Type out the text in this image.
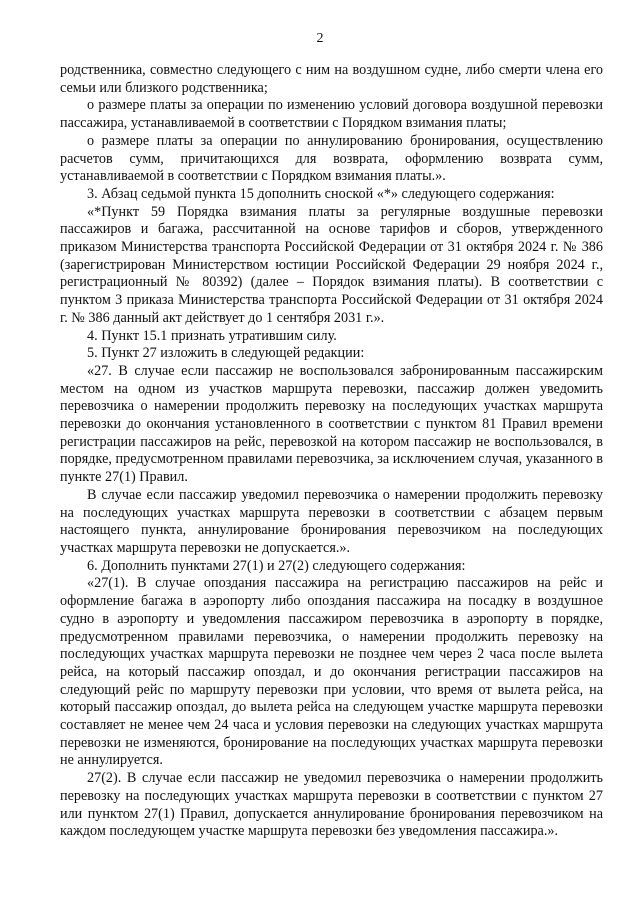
2

родственника, совместно следующего с ним на воздушном судне, либо смерти члена его семьи или близкого родственника;

о размере платы за операции по изменению условий договора воздушной перевозки пассажира, устанавливаемой в соответствии с Порядком взимания платы;

о размере платы за операции по аннулированию бронирования, осуществлению расчетов сумм, причитающихся для возврата, оформлению возврата сумм, устанавливаемой в соответствии с Порядком взимания платы.».

3. Абзац седьмой пункта 15 дополнить сноской «*» следующего содержания:

«*Пункт 59 Порядка взимания платы за регулярные воздушные перевозки пассажиров и багажа, рассчитанной на основе тарифов и сборов, утвержденного приказом Министерства транспорта Российской Федерации от 31 октября 2024 г. № 386 (зарегистрирован Министерством юстиции Российской Федерации 29 ноября 2024 г., регистрационный № 80392) (далее – Порядок взимания платы). В соответствии с пунктом 3 приказа Министерства транспорта Российской Федерации от 31 октября 2024 г. № 386 данный акт действует до 1 сентября 2031 г.».

4. Пункт 15.1 признать утратившим силу.

5. Пункт 27 изложить в следующей редакции:

«27. В случае если пассажир не воспользовался забронированным пассажирским местом на одном из участков маршрута перевозки, пассажир должен уведомить перевозчика о намерении продолжить перевозку на последующих участках маршрута перевозки до окончания установленного в соответствии с пунктом 81 Правил времени регистрации пассажиров на рейс, перевозкой на котором пассажир не воспользовался, в порядке, предусмотренном правилами перевозчика, за исключением случая, указанного в пункте 27(1) Правил.

В случае если пассажир уведомил перевозчика о намерении продолжить перевозку на последующих участках маршрута перевозки в соответствии с абзацем первым настоящего пункта, аннулирование бронирования перевозчиком на последующих участках маршрута перевозки не допускается.».

6. Дополнить пунктами 27(1) и 27(2) следующего содержания:

«27(1). В случае опоздания пассажира на регистрацию пассажиров на рейс и оформление багажа в аэропорту либо опоздания пассажира на посадку в воздушное судно в аэропорту и уведомления пассажиром перевозчика в аэропорту в порядке, предусмотренном правилами перевозчика, о намерении продолжить перевозку на последующих участках маршрута перевозки не позднее чем через 2 часа после вылета рейса, на который пассажир опоздал, и до окончания регистрации пассажиров на следующий рейс по маршруту перевозки при условии, что время от вылета рейса, на который пассажир опоздал, до вылета рейса на следующем участке маршрута перевозки составляет не менее чем 24 часа и условия перевозки на следующих участках маршрута перевозки не изменяются, бронирование на последующих участках маршрута перевозки не аннулируется.

27(2). В случае если пассажир не уведомил перевозчика о намерении продолжить перевозку на последующих участках маршрута перевозки в соответствии с пунктом 27 или пунктом 27(1) Правил, допускается аннулирование бронирования перевозчиком на каждом последующем участке маршрута перевозки без уведомления пассажира.».
